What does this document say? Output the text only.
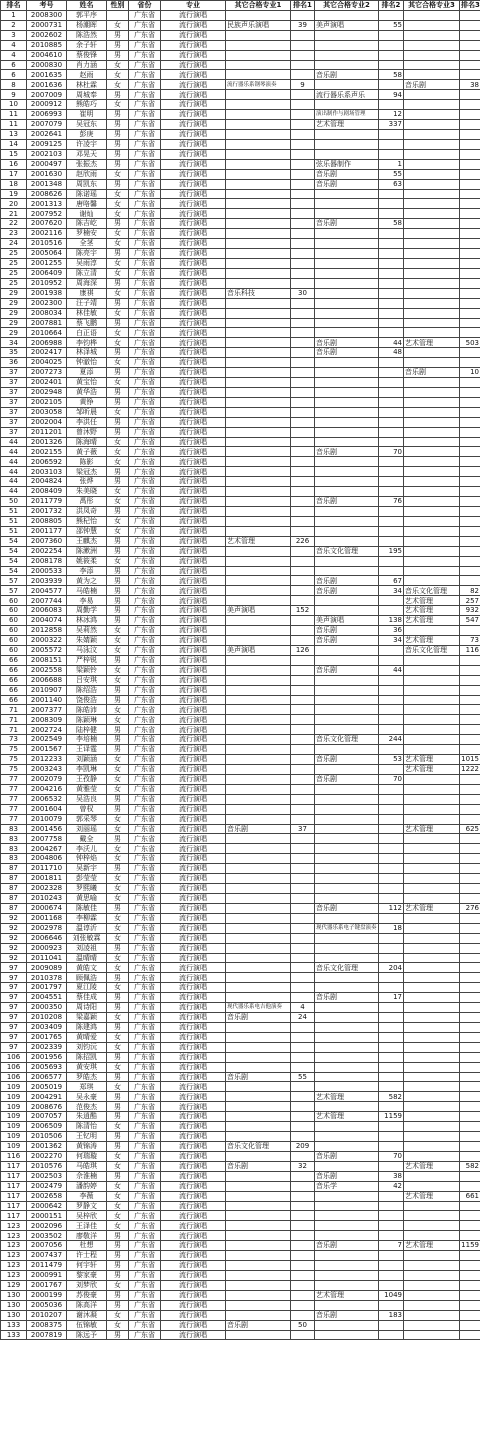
排名	考号	姓名	性别	省份	专业	其它合格专业1	排名1	其它合格专业2	排名2	其它合格专业3	排名3
1	2008300	郭平序		广东省	流行演唱						
2	2000731	杨潮晖	女	广东省	流行演唱	民族声乐演唱	39	美声演唱	55		
3	2002602	陈浩然	男	广东省	流行演唱						
4	2010885	余子轩	男	广东省	流行演唱						
4	2004610	蔡俊锋	男	广东省	流行演唱						
6	2000830	肖力涵	女	广东省	流行演唱						
6	2001635	赵雨	女	广东省	流行演唱			音乐剧	58		
8	2001636	林杜霖	女	广东省	流行演唱	流行器乐系钢琴演奏	9			音乐剧	38
9	2007009	周城奉	男	广东省	流行演唱			流行器乐系声乐	94		
10	2000912	熊皓巧	女	广东省	流行演唱						
11	2006993	崔明	男	广东省	流行演唱			演出制作与剧场管理	12		
11	2007079	吴冠东	男	广东省	流行演唱			艺术管理	337		
13	2002641	彭庚	男	广东省	流行演唱						
14	2009125	许凌宇	男	广东省	流行演唱						
15	2002103	邓晃天	男	广东省	流行演唱						
16	2000497	张振杰	男	广东省	流行演唱			弦乐器制作	1		
17	2001630	赵欣雨	女	广东省	流行演唱			音乐剧	55		
18	2001348	周凯东	男	广东省	流行演唱			音乐剧	63		
19	2008626	陈诺瑶	女	广东省	流行演唱						
20	2001313	唐咯馨	女	广东省	流行演唱						
21	2007952	谢灿	女	广东省	流行演唱						
22	2007620	陈吉屹	男	广东省	流行演唱			音乐剧	58		
23	2002116	罗楠安	女	广东省	流行演唱						
24	2010516	全茎	女	广东省	流行演唱						
25	2005064	陈亮宇	男	广东省	流行演唱						
25	2001255	吴雨淳	女	广东省	流行演唱						
25	2006409	陈立清	女	广东省	流行演唱						
25	2010952	周海深	男	广东省	流行演唱						
29	2001938	康祺	女	广东省	流行演唱	音乐科技	30				
29	2002300	汪子靖	男	广东省	流行演唱						
29	2008034	林佳敏	女	广东省	流行演唱						
29	2007881	蔡飞鹏	男	广东省	流行演唱						
29	2010664	白正语	女	广东省	流行演唱						
34	2006988	李钧桦	女	广东省	流行演唱			音乐剧	44	艺术管理	503
35	2002417	林泽城	男	广东省	流行演唱			音乐剧	48		
36	2004025	钟澈怡	女	广东省	流行演唱						
37	2007273	夏添	男	广东省	流行演唱					音乐剧	10
37	2002401	黄宝怡	女	广东省	流行演唱						
37	2002948	黄华浩	男	广东省	流行演唱						
37	2002105	黄铮	男	广东省	流行演唱						
37	2003058	邹昕晨	女	广东省	流行演唱						
37	2002004	李洪任	男	广东省	流行演唱						
37	2011201	曾沐野	男	广东省	流行演唱						
44	2001326	陈海晴	女	广东省	流行演唱						
44	2002155	黄子薇	女	广东省	流行演唱			音乐剧	70		
44	2006592	陈影	女	广东省	流行演唱						
44	2003103	梁冠杰	男	广东省	流行演唱						
44	2004824	张烨	男	广东省	流行演唱						
44	2008409	朱美晓	女	广东省	流行演唱						
50	2011779	禹彤	女	广东省	流行演唱			音乐剧	76		
51	2001732	洪凤奇	男	广东省	流行演唱						
51	2008805	熊杞怡	女	广东省	流行演唱						
51	2001177	邵钟慧	女	广东省	流行演唱						
54	2007360	王麒杰	男	广东省	流行演唱	艺术管理	226				
54	2002254	陈漱洲	男	广东省	流行演唱			音乐文化管理	195		
54	2008178	姚筱柔	女	广东省	流行演唱						
54	2000533	李添	男	广东省	流行演唱						
57	2003939	黄为之	男	广东省	流行演唱			音乐剧	67		
57	2004577	马皓楠	男	广东省	流行演唱			音乐剧	34	音乐文化管理	82
60	2007744	李易	男	广东省	流行演唱					艺术管理	257
60	2006083	周勤学	男	广东省	流行演唱	美声演唱	152			艺术管理	932
60	2004074	林冰鸿	男	广东省	流行演唱			美声演唱	138	艺术管理	547
60	2012858	吴莉然	女	广东省	流行演唱			音乐剧	36		
60	2000322	朱婧颖	女	广东省	流行演唱			音乐剧	34	艺术管理	73
60	2005572	马泳汶	女	广东省	流行演唱	美声演唱	126			音乐文化管理	116
66	2008151	严梓锐	男	广东省	流行演唱						
66	2002558	梁颖铃	女	广东省	流行演唱			音乐剧	44		
66	2006688	吕安琪	女	广东省	流行演唱						
66	2010907	陈绍浩	男	广东省	流行演唱						
66	2001140	饶俊浩	男	广东省	流行演唱						
71	2007377	陈皓沛	女	广东省	流行演唱						
71	2008309	陈颖琳	女	广东省	流行演唱						
71	2002724	陆梓健	男	广东省	流行演唱						
73	2002549	李培楠	男	广东省	流行演唱			音乐文化管理	244		
75	2001567	王译霆	男	广东省	流行演唱						
75	2012233	刘颖涵	女	广东省	流行演唱			音乐剧	53	艺术管理	1015
75	2003243	李凯琳	女	广东省	流行演唱					艺术管理	1222
77	2002079	王孜静	女	广东省	流行演唱			音乐剧	70		
77	2004216	黄雅莹	女	广东省	流行演唱						
77	2006532	吴浩良	男	广东省	流行演唱						
77	2001604	曾权	男	广东省	流行演唱						
77	2010079	郭采琴	女	广东省	流行演唱						
83	2001456	刘丽瑶	女	广东省	流行演唱	音乐剧	37			艺术管理	625
83	2007758	戴全	男	广东省	流行演唱						
83	2004267	李沃儿	女	广东省	流行演唱						
83	2004806	钟梓焰	女	广东省	流行演唱						
87	2011710	吴新宇	男	广东省	流行演唱						
87	2001811	彭莹莹	女	广东省	流行演唱						
87	2002328	罗熙曦	女	广东省	流行演唱						
87	2010243	黄思喻	女	广东省	流行演唱						
87	2000674	陈敏佳	男	广东省	流行演唱			音乐剧	112	艺术管理	276
92	2001168	李柳霖	女	广东省	流行演唱						
92	2002978	温谆沂	女	广东省	流行演唱			现代器乐系电子键盘演奏	18		
92	2006646	刘张敏霖	女	广东省	流行演唱						
92	2000923	刘凌祖	男	广东省	流行演唱						
92	2011041	温晴晴	女	广东省	流行演唱						
97	2009089	黄皓文	女	广东省	流行演唱			音乐文化管理	204		
97	2010378	顾佩浩	男	广东省	流行演唱						
97	2001797	夏江陵	女	广东省	流行演唱						
97	2004551	蔡佳成	男	广东省	流行演唱			音乐剧	17		
97	2000350	周诗阳	男	广东省	流行演唱	现代器乐系电吉他演奏	4				
97	2010208	梁嘉颖	女	广东省	流行演唱	音乐剧	24				
97	2003409	陈建鸿	男	广东省	流行演唱						
97	2001765	黄晴爱	女	广东省	流行演唱						
97	2002339	刘钧沅	女	广东省	流行演唱						
106	2001956	陈招凯	男	广东省	流行演唱						
106	2005693	黄安琪	女	广东省	流行演唱						
106	2006577	罗皓杰	男	广东省	流行演唱	音乐剧	55				
109	2005019	郑琪	女	广东省	流行演唱						
109	2004291	吴永豪	男	广东省	流行演唱			艺术管理	582		
109	2008676	范俊杰	男	广东省	流行演唱						
109	2007057	朱逍酷	男	广东省	流行演唱			艺术管理	1159		
109	2006509	陈清怡	女	广东省	流行演唱						
109	2010506	王钇明	男	广东省	流行演唱						
109	2001362	黄锦涛	男	广东省	流行演唱	音乐文化管理	209				
116	2002270	何瑞璇	女	广东省	流行演唱			音乐剧	70		
117	2010576	马皓琪	女	广东省	流行演唱	音乐剧	32			艺术管理	582
117	2002503	佘淮楠	男	广东省	流行演唱			音乐剧	38		
117	2002479	潘韵婷	女	广东省	流行演唱			音乐学	42		
117	2002658	李薇	女	广东省	流行演唱					艺术管理	661
117	2000642	罗静文	女	广东省	流行演唱						
117	2000151	吴梓欣	女	广东省	流行演唱						
123	2002096	王泽佳	女	广东省	流行演唱						
123	2003502	廖敬洋	男	广东省	流行演唱						
123	2007056	杜想	男	广东省	流行演唱			音乐剧	7	艺术管理	1159
123	2007437	许士程	男	广东省	流行演唱						
123	2011479	何宇轩	男	广东省	流行演唱						
123	2000991	黎家豪	男	广东省	流行演唱						
129	2001767	刘梦欣	女	广东省	流行演唱						
130	2000199	苏俊豪	男	广东省	流行演唱			艺术管理	1049		
130	2005036	陈高洋	男	广东省	流行演唱						
130	2010207	谢沐凝	女	广东省	流行演唱			音乐剧	183		
133	2008375	伍锦敏	女	广东省	流行演唱	音乐剧	50				
133	2007819	陈远予	男	广东省	流行演唱						
